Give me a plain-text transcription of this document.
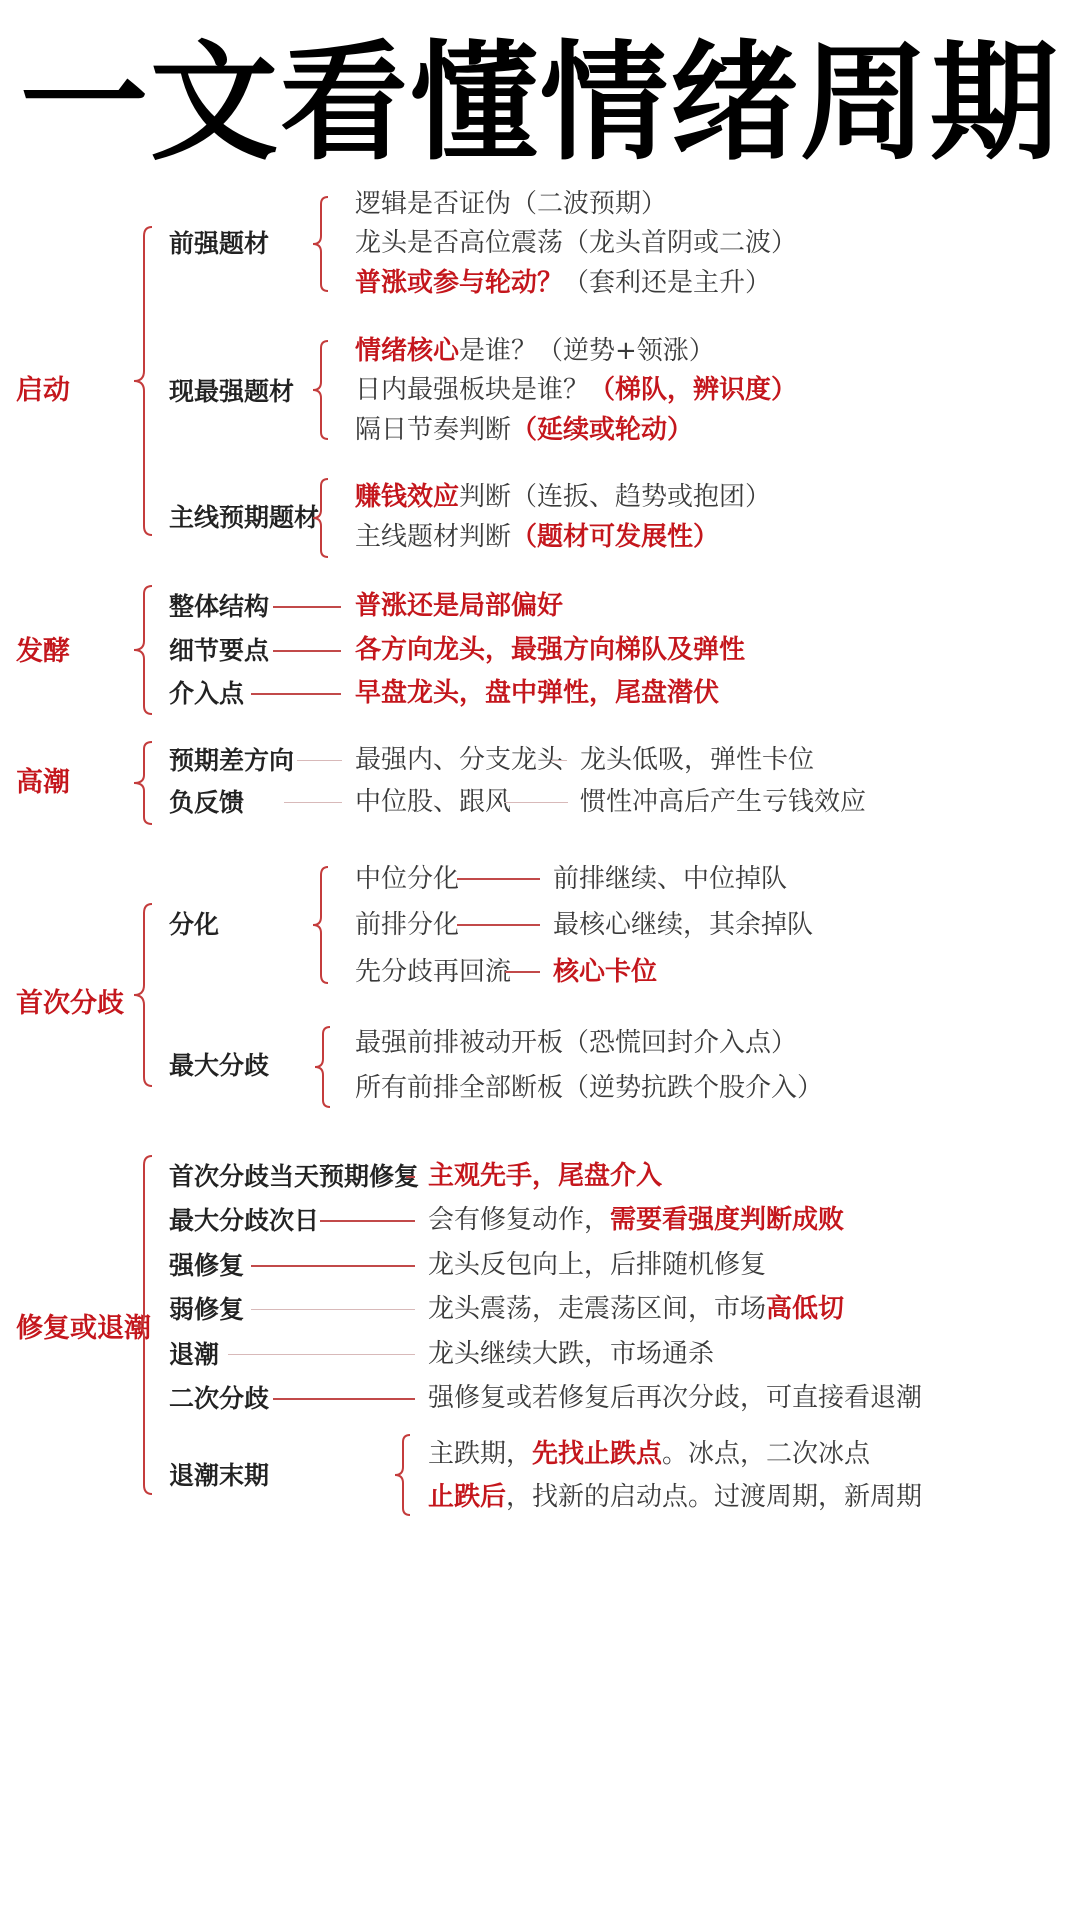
一文看懂情绪周期
启动
前强题材
逻辑是否证伪（二波预期）
龙头是否高位震荡（龙头首阴或二波）
普涨或参与轮动？（套利还是主升）
现最强题材
情绪核心是谁？（逆势+领涨）
日内最强板块是谁？（梯队，辨识度）
隔日节奏判断（延续或轮动）
主线预期题材
赚钱效应判断（连扳、趋势或抱团）
主线题材判断（题材可发展性）
发酵
整体结构	普涨还是局部偏好
细节要点	各方向龙头，最强方向梯队及弹性
介入点	早盘龙头，盘中弹性，尾盘潜伏
高潮
预期差方向 最强内、分支龙头 龙头低吸，弹性卡位
负反馈	中位股、跟风	惯性冲高后产生亏钱效应
首次分歧
分化
中位分化	前排继续、中位掉队
前排分化	最核心继续，其余掉队
先分歧再回流 核心卡位
最大分歧
最强前排被动开板（恐慌回封介入点）
所有前排全部断板（逆势抗跌个股介入）
修复或退潮
首次分歧当天预期修复 主观先手，尾盘介入
最大分歧次日	会有修复动作，需要看强度判断成败
强修复	龙头反包向上，后排随机修复
弱修复	龙头震荡，走震荡区间，市场高低切
退潮	龙头继续大跌，市场通杀
二次分歧	强修复或若修复后再次分歧，可直接看退潮
退潮末期
主跌期，先找止跌点。冰点，二次冰点
止跌后，找新的启动点。过渡周期，新周期
